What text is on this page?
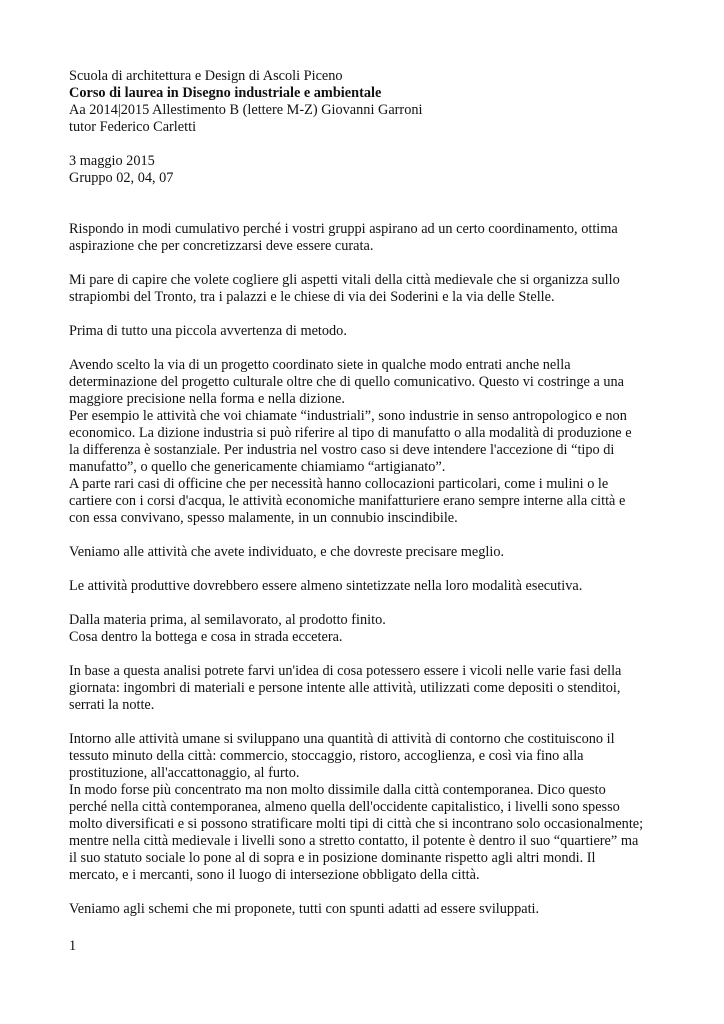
Scuola di architettura e Design di Ascoli Piceno
Corso di laurea in Disegno industriale e ambientale
Aa 2014|2015 Allestimento B (lettere M-Z) Giovanni Garroni
tutor Federico Carletti
3 maggio 2015
Gruppo 02, 04, 07
Rispondo in modi cumulativo perché i vostri gruppi aspirano ad un certo coordinamento, ottima
aspirazione che per concretizzarsi deve essere curata.
Mi pare di capire che volete cogliere gli aspetti vitali della città medievale che si organizza sullo
strapiombi del Tronto, tra i palazzi e le chiese di via dei Soderini e la via delle Stelle.
Prima di tutto una piccola avvertenza di metodo.
Avendo scelto la via di un progetto coordinato siete in qualche modo entrati anche nella
determinazione del progetto culturale oltre che di quello comunicativo. Questo vi costringe a una
maggiore precisione nella forma e nella dizione.
Per esempio le attività che voi chiamate “industriali”, sono industrie in senso antropologico e non
economico. La dizione industria si può riferire al tipo di manufatto o alla modalità di produzione e
la differenza è sostanziale. Per industria nel vostro caso si deve intendere l'accezione di “tipo di
manufatto”, o quello che genericamente chiamiamo “artigianato”.
A parte rari casi di officine che per necessità hanno collocazioni particolari, come i mulini o le
cartiere con i corsi d'acqua, le attività economiche manifatturiere erano sempre interne alla città e
con essa convivano, spesso malamente, in un connubio inscindibile.
Veniamo alle attività che avete individuato, e che dovreste precisare meglio.
Le attività produttive dovrebbero essere almeno sintetizzate nella loro modalità esecutiva.
Dalla materia prima, al semilavorato, al prodotto finito.
Cosa dentro la bottega e cosa in strada eccetera.
In base a questa analisi potrete farvi un'idea di cosa potessero essere i vicoli nelle varie fasi della
giornata: ingombri di materiali e persone intente alle attività, utilizzati come depositi o stenditoi,
serrati la notte.
Intorno alle attività umane si sviluppano una quantità di attività di contorno che costituiscono il
tessuto minuto della città: commercio, stoccaggio, ristoro, accoglienza, e così via fino alla
prostituzione, all'accattonaggio, al furto.
In modo forse più concentrato ma non molto dissimile dalla città contemporanea. Dico questo
perché nella città contemporanea, almeno quella dell'occidente capitalistico, i livelli sono spesso
molto diversificati e si possono stratificare molti tipi di città che si incontrano solo occasionalmente;
mentre nella città medievale i livelli sono a stretto contatto, il potente è dentro il suo “quartiere” ma
il suo statuto sociale lo pone al di sopra e in posizione dominante rispetto agli altri mondi. Il
mercato, e i mercanti, sono il luogo di intersezione obbligato della città.
Veniamo agli schemi che mi proponete, tutti con spunti adatti ad essere sviluppati.
1
